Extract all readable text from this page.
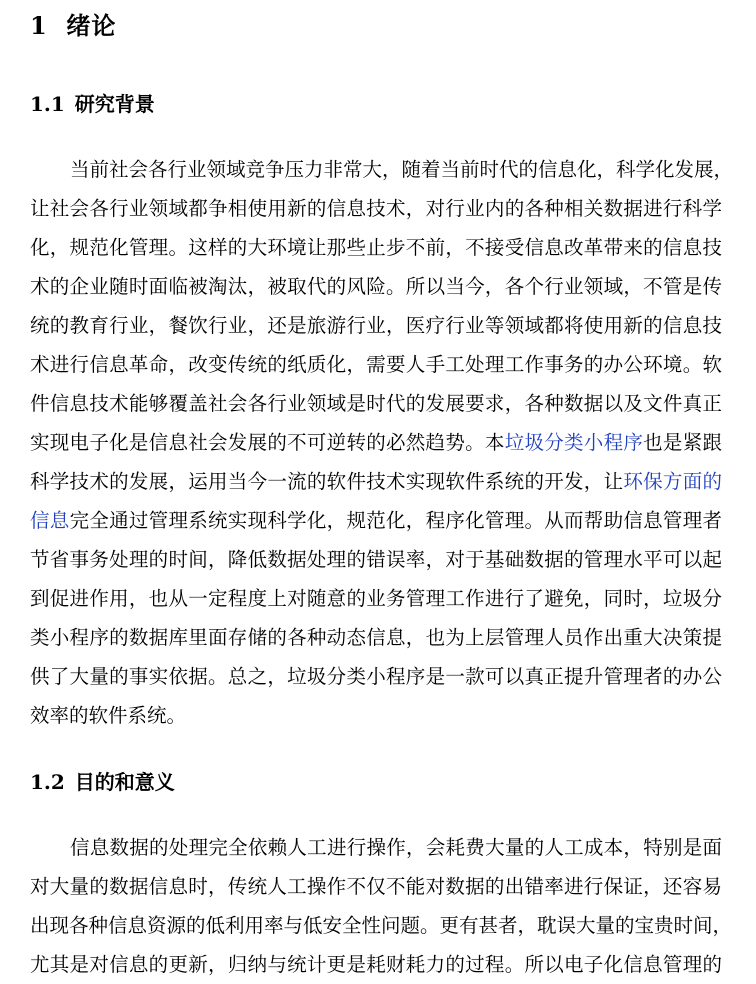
1 绪论
1.1 研究背景
当前社会各行业领域竞争压力非常大，随着当前时代的信息化，科学化发展，
让社会各行业领域都争相使用新的信息技术，对行业内的各种相关数据进行科学
化，规范化管理。这样的大环境让那些止步不前，不接受信息改革带来的信息技
术的企业随时面临被淘汰，被取代的风险。所以当今，各个行业领域，不管是传
统的教育行业，餐饮行业，还是旅游行业，医疗行业等领域都将使用新的信息技
术进行信息革命，改变传统的纸质化，需要人手工处理工作事务的办公环境。软
件信息技术能够覆盖社会各行业领域是时代的发展要求，各种数据以及文件真正
实现电子化是信息社会发展的不可逆转的必然趋势。本垃圾分类小程序也是紧跟
科学技术的发展，运用当今一流的软件技术实现软件系统的开发，让环保方面的
信息完全通过管理系统实现科学化，规范化，程序化管理。从而帮助信息管理者
节省事务处理的时间，降低数据处理的错误率，对于基础数据的管理水平可以起
到促进作用，也从一定程度上对随意的业务管理工作进行了避免，同时，垃圾分
类小程序的数据库里面存储的各种动态信息，也为上层管理人员作出重大决策提
供了大量的事实依据。总之，垃圾分类小程序是一款可以真正提升管理者的办公
效率的软件系统。
1.2 目的和意义
信息数据的处理完全依赖人工进行操作，会耗费大量的人工成本，特别是面
对大量的数据信息时，传统人工操作不仅不能对数据的出错率进行保证，还容易
出现各种信息资源的低利用率与低安全性问题。更有甚者，耽误大量的宝贵时间，
尤其是对信息的更新，归纳与统计更是耗财耗力的过程。所以电子化信息管理的
